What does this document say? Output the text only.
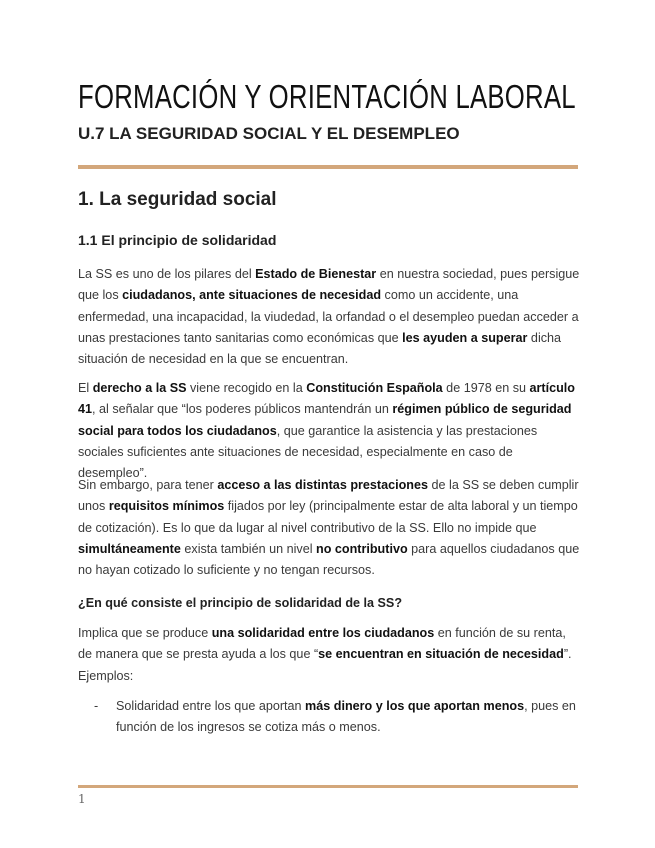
FORMACIÓN Y ORIENTACIÓN LABORAL
U.7 LA SEGURIDAD SOCIAL Y EL DESEMPLEO
1. La seguridad social
1.1 El principio de solidaridad
La SS es uno de los pilares del Estado de Bienestar en nuestra sociedad, pues persigue que los ciudadanos, ante situaciones de necesidad como un accidente, una enfermedad, una incapacidad, la viudedad, la orfandad o el desempleo puedan acceder a unas prestaciones tanto sanitarias como económicas que les ayuden a superar dicha situación de necesidad en la que se encuentran.
El derecho a la SS viene recogido en la Constitución Española de 1978 en su artículo 41, al señalar que “los poderes públicos mantendrán un régimen público de seguridad social para todos los ciudadanos, que garantice la asistencia y las prestaciones sociales suficientes ante situaciones de necesidad, especialmente en caso de desempleo”.
Sin embargo, para tener acceso a las distintas prestaciones de la SS se deben cumplir unos requisitos mínimos fijados por ley (principalmente estar de alta laboral y un tiempo de cotización). Es lo que da lugar al nivel contributivo de la SS. Ello no impide que simultáneamente exista también un nivel no contributivo para aquellos ciudadanos que no hayan cotizado lo suficiente y no tengan recursos.
¿En qué consiste el principio de solidaridad de la SS?
Implica que se produce una solidaridad entre los ciudadanos en función de su renta, de manera que se presta ayuda a los que “se encuentran en situación de necesidad”. Ejemplos:
-	Solidaridad entre los que aportan más dinero y los que aportan menos, pues en función de los ingresos se cotiza más o menos.
1
